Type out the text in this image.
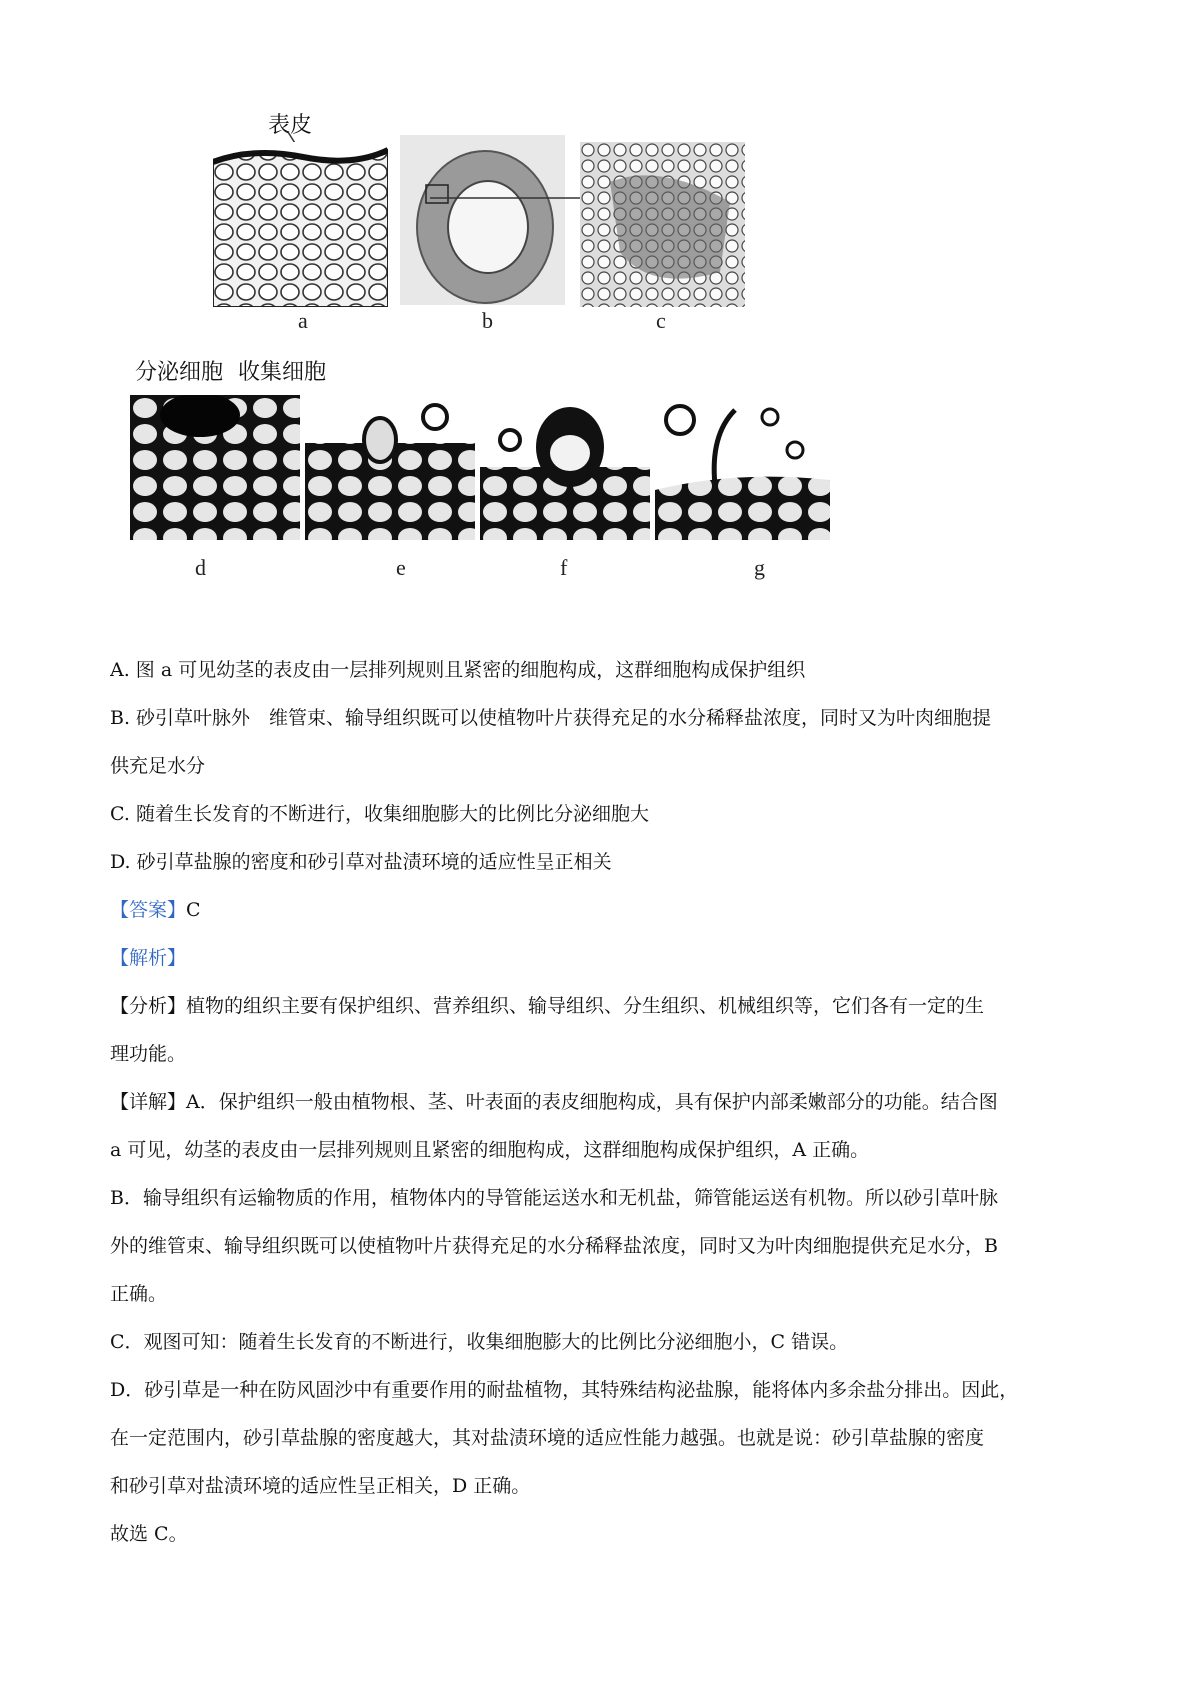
表皮
a	b	c
分泌细胞 收集细胞
d	e	f	g
A. 图 a 可见幼茎的表皮由一层排列规则且紧密的细胞构成，这群细胞构成保护组织
B. 砂引草叶脉外　维管束、输导组织既可以使植物叶片获得充足的水分稀释盐浓度，同时又为叶肉细胞提
供充足水分
C. 随着生长发育的不断进行，收集细胞膨大的比例比分泌细胞大
D. 砂引草盐腺的密度和砂引草对盐渍环境的适应性呈正相关
【答案】C
【解析】
【分析】植物的组织主要有保护组织、营养组织、输导组织、分生组织、机械组织等，它们各有一定的生
理功能。
【详解】A．保护组织一般由植物根、茎、叶表面的表皮细胞构成，具有保护内部柔嫩部分的功能。结合图
a 可见，幼茎的表皮由一层排列规则且紧密的细胞构成，这群细胞构成保护组织，A 正确。
B．输导组织有运输物质的作用，植物体内的导管能运送水和无机盐，筛管能运送有机物。所以砂引草叶脉
外的维管束、输导组织既可以使植物叶片获得充足的水分稀释盐浓度，同时又为叶肉细胞提供充足水分，B
正确。
C．观图可知：随着生长发育的不断进行，收集细胞膨大的比例比分泌细胞小，C 错误。
D．砂引草是一种在防风固沙中有重要作用的耐盐植物，其特殊结构泌盐腺，能将体内多余盐分排出。因此，
在一定范围内，砂引草盐腺的密度越大，其对盐渍环境的适应性能力越强。也就是说：砂引草盐腺的密度
和砂引草对盐渍环境的适应性呈正相关，D 正确。
故选 C。
